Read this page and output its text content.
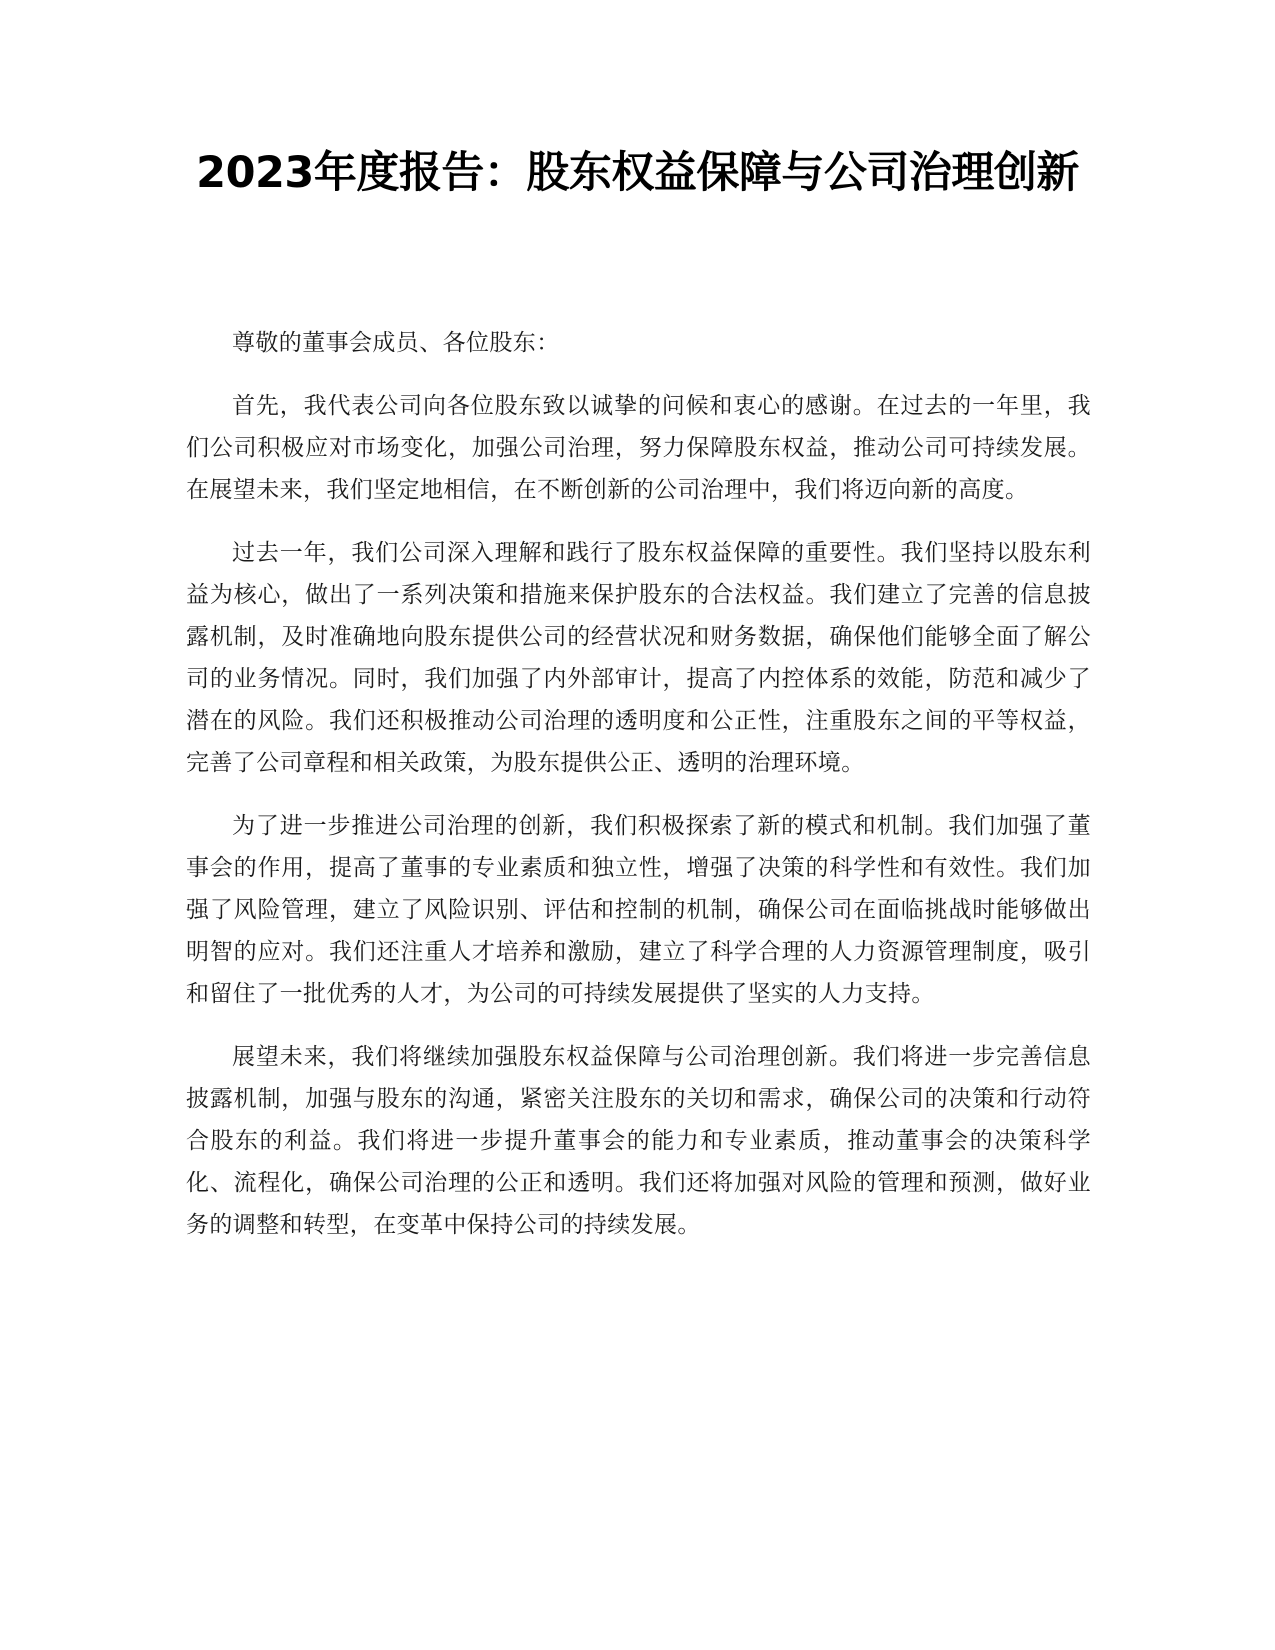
2023年度报告：股东权益保障与公司治理创新

尊敬的董事会成员、各位股东：

首先，我代表公司向各位股东致以诚挚的问候和衷心的感谢。在过去的一年里，我们公司积极应对市场变化，加强公司治理，努力保障股东权益，推动公司可持续发展。在展望未来，我们坚定地相信，在不断创新的公司治理中，我们将迈向新的高度。

过去一年，我们公司深入理解和践行了股东权益保障的重要性。我们坚持以股东利益为核心，做出了一系列决策和措施来保护股东的合法权益。我们建立了完善的信息披露机制，及时准确地向股东提供公司的经营状况和财务数据，确保他们能够全面了解公司的业务情况。同时，我们加强了内外部审计，提高了内控体系的效能，防范和减少了潜在的风险。我们还积极推动公司治理的透明度和公正性，注重股东之间的平等权益，完善了公司章程和相关政策，为股东提供公正、透明的治理环境。

为了进一步推进公司治理的创新，我们积极探索了新的模式和机制。我们加强了董事会的作用，提高了董事的专业素质和独立性，增强了决策的科学性和有效性。我们加强了风险管理，建立了风险识别、评估和控制的机制，确保公司在面临挑战时能够做出明智的应对。我们还注重人才培养和激励，建立了科学合理的人力资源管理制度，吸引和留住了一批优秀的人才，为公司的可持续发展提供了坚实的人力支持。

展望未来，我们将继续加强股东权益保障与公司治理创新。我们将进一步完善信息披露机制，加强与股东的沟通，紧密关注股东的关切和需求，确保公司的决策和行动符合股东的利益。我们将进一步提升董事会的能力和专业素质，推动董事会的决策科学化、流程化，确保公司治理的公正和透明。我们还将加强对风险的管理和预测，做好业务的调整和转型，在变革中保持公司的持续发展。
